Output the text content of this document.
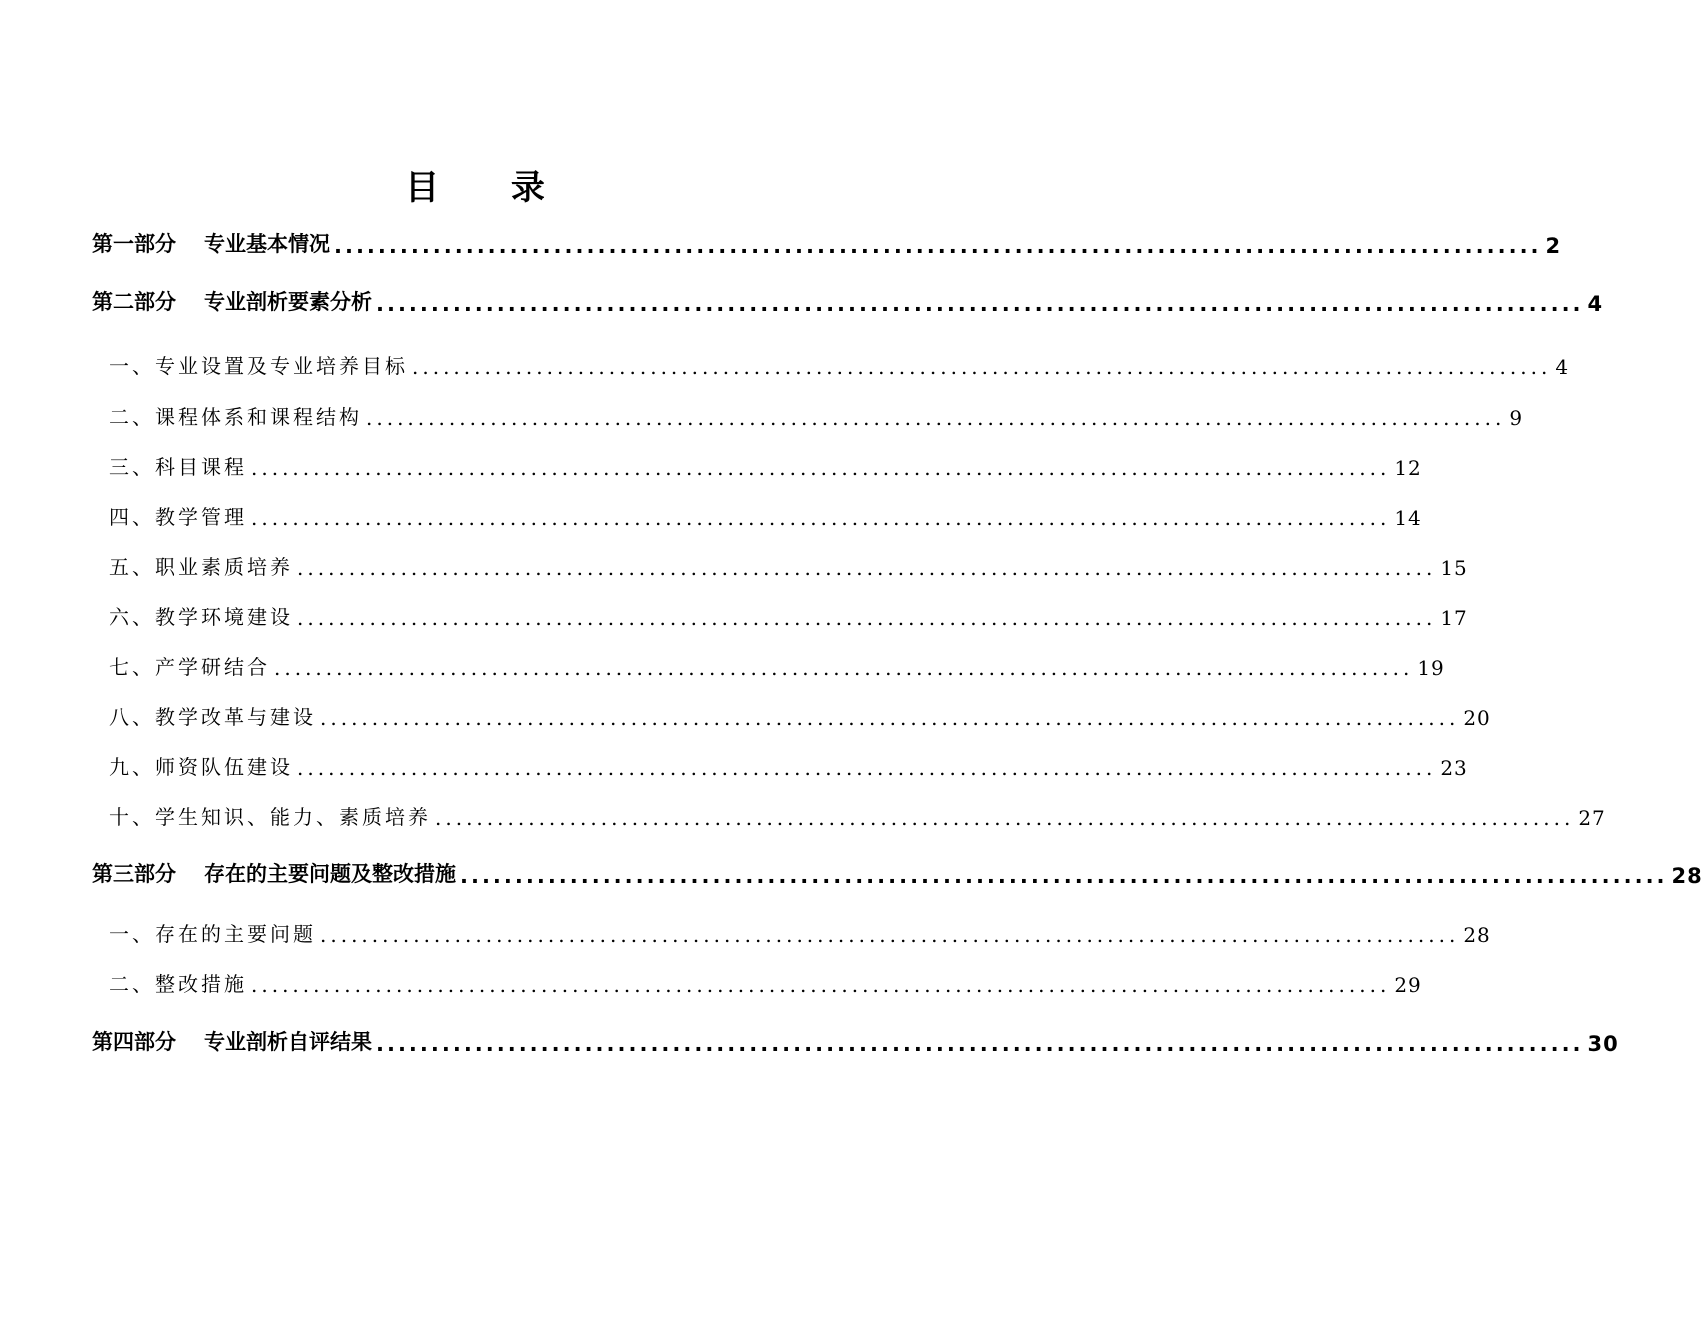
目 录
第一部分 专业基本情况 .............................................................................................................. 2
第二部分 专业剖析要素分析 .............................................................................................................. 4
一、专业设置及专业培养目标 .............................................................................................................. 4
二、课程体系和课程结构 .............................................................................................................. 9
三、科目课程 .............................................................................................................. 12
四、教学管理 .............................................................................................................. 14
五、职业素质培养 .............................................................................................................. 15
六、教学环境建设 .............................................................................................................. 17
七、产学研结合 .............................................................................................................. 19
八、教学改革与建设 .............................................................................................................. 20
九、师资队伍建设 .............................................................................................................. 23
十、学生知识、能力、素质培养 .............................................................................................................. 27
第三部分 存在的主要问题及整改措施 .............................................................................................................. 28
一、存在的主要问题 .............................................................................................................. 28
二、整改措施 .............................................................................................................. 29
第四部分 专业剖析自评结果 .............................................................................................................. 30
